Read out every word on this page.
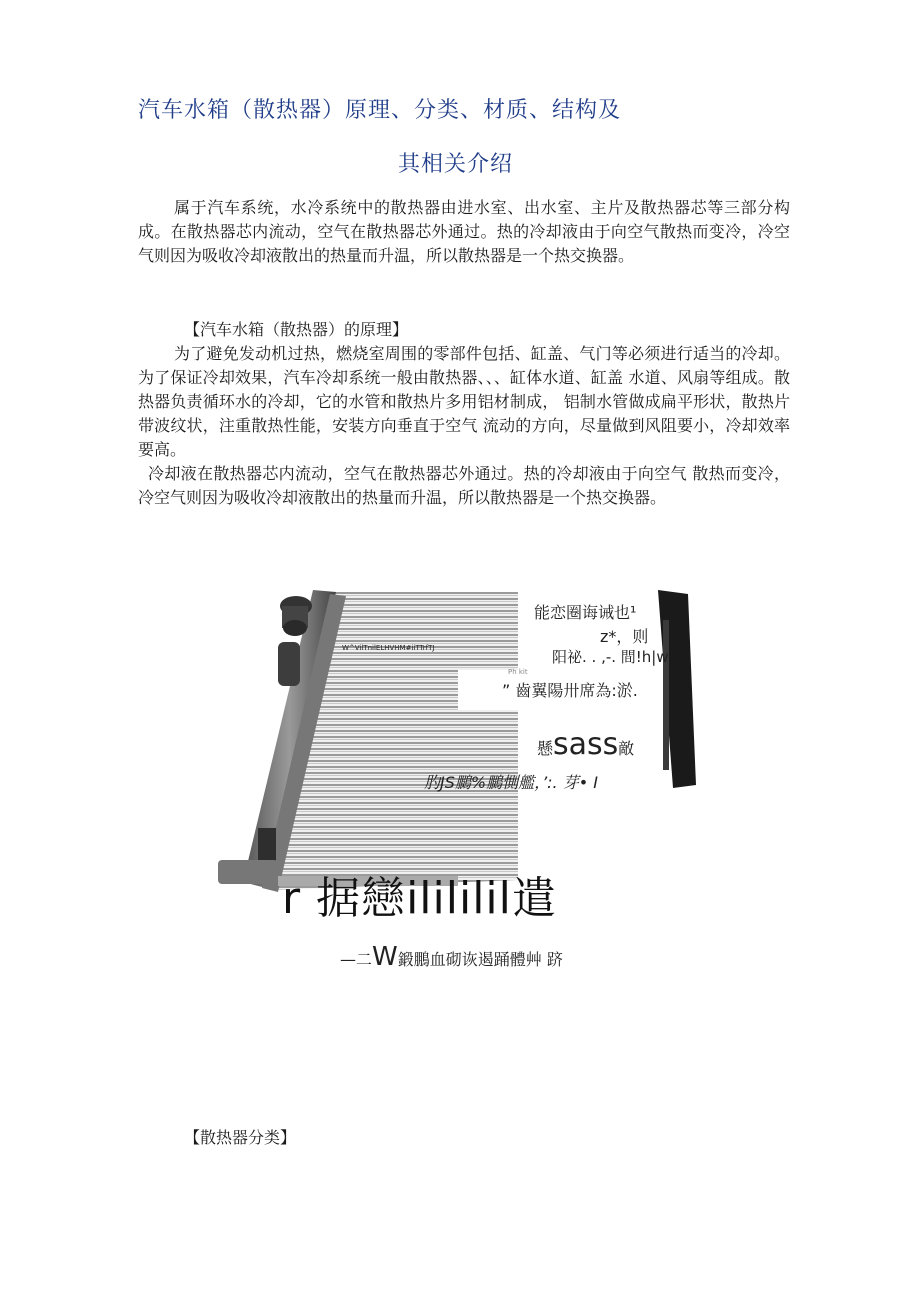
汽车水箱（散热器）原理、分类、材质、结构及
其相关介绍
属于汽车系统，水冷系统中的散热器由进水室、出水室、主片及散热器芯等三部分构成。在散热器芯内流动，空气在散热器芯外通过。热的冷却液由于向空气散热而变冷，冷空气则因为吸收冷却液散出的热量而升温，所以散热器是一个热交换器。
【汽车水箱（散热器）的原理】
为了避免发动机过热，燃烧室周围的零部件包括、缸盖、气门等必须进行适当的冷却。为了保证冷却效果，汽车冷却系统一般由散热器、、、缸体水道、缸盖 水道、风扇等组成。散热器负责循环水的冷却，它的水管和散热片多用铝材制成， 铝制水管做成扁平形状，散热片带波纹状，注重散热性能，安装方向垂直于空气 流动的方向，尽量做到风阻要小，冷却效率要高。
冷却液在散热器芯内流动，空气在散热器芯外通过。热的冷却液由于向空气 散热而变冷，冷空气则因为吸收冷却液散出的热量而升温，所以散热器是一个热交换器。
能恋圈诲诫也¹
z*，则
阳祕. . ,-. 間!h|w
W^VilTnilELHVHM#iiTTrfTJ
Ph kit
” 齒翼陽卅席為:淤.
懸sass敵
肑JS鵩%鵩惻艦，’:. 芽• I
r 据戀ilililil遣
—二W鍛鵬血砌诙遏踊體艸 跻
【散热器分类】
